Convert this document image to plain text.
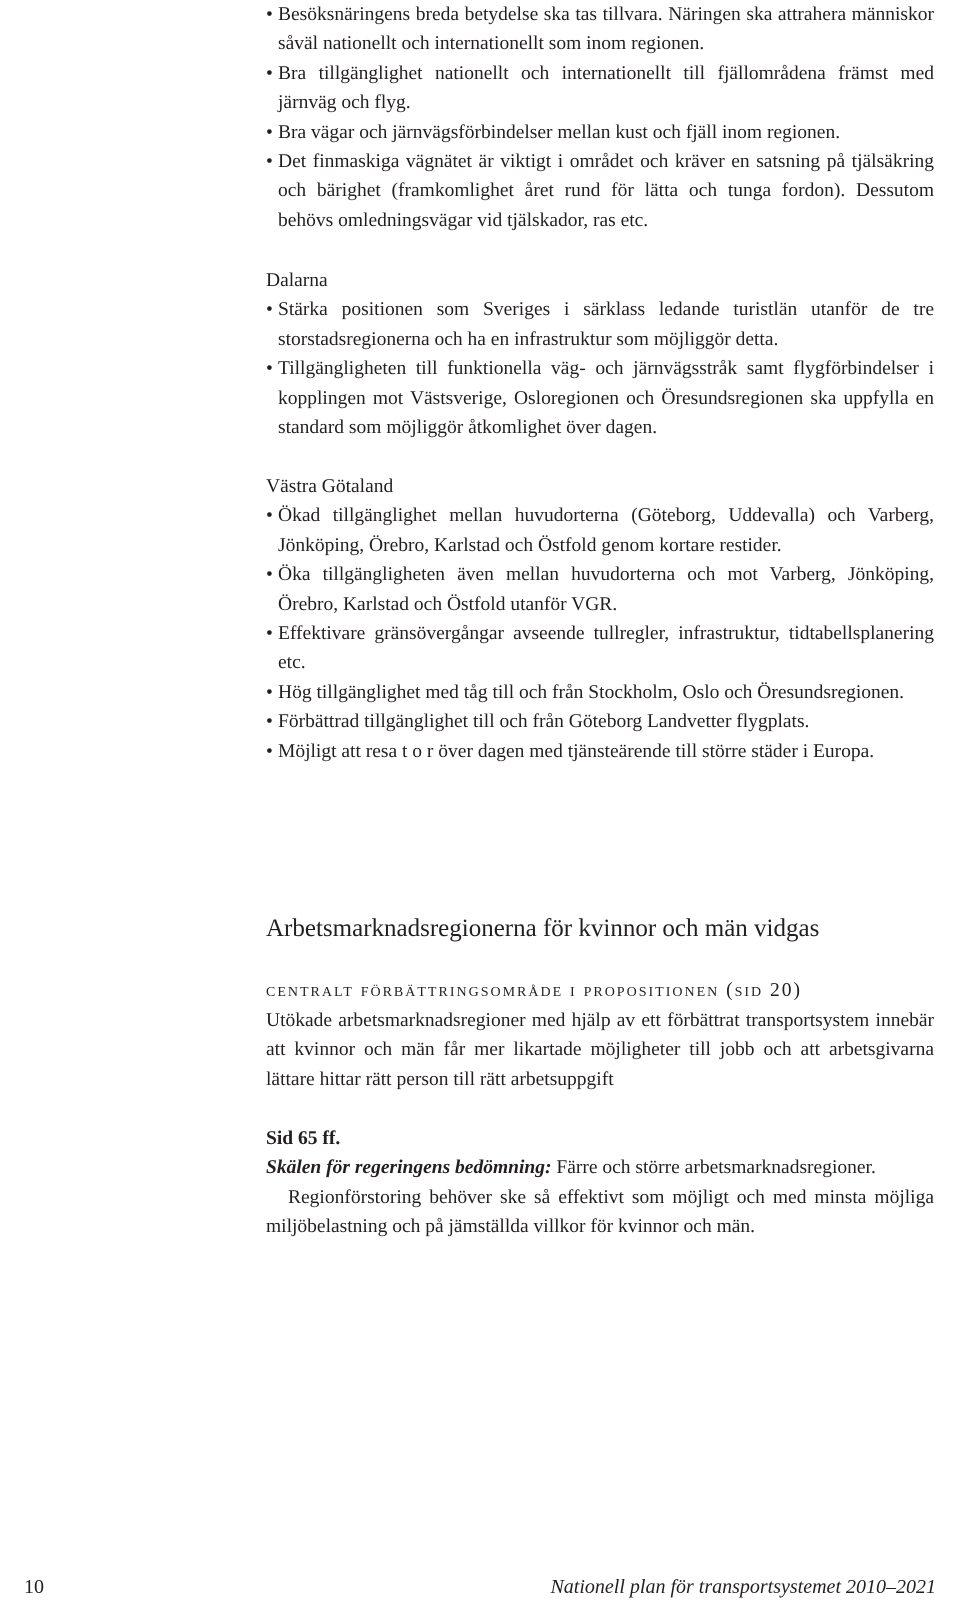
• Besöksnäringens breda betydelse ska tas tillvara. Näringen ska attrahera människor såväl nationellt och internationellt som inom regionen.

• Bra tillgänglighet nationellt och internationellt till fjällområdena främst med järnväg och flyg.

• Bra vägar och järnvägsförbindelser mellan kust och fjäll inom regionen.

• Det finmaskiga vägnätet är viktigt i området och kräver en satsning på tjälsäkring och bärighet (framkomlighet året rund för lätta och tunga fordon). Dessutom behövs omledningsvägar vid tjälskador, ras etc.

Dalarna

• Stärka positionen som Sveriges i särklass ledande turistlän utanför de tre storstadsregionerna och ha en infrastruktur som möjliggör detta.

• Tillgängligheten till funktionella väg- och järnvägsstråk samt flygförbindelser i kopplingen mot Västsverige, Osloregionen och Öresundsregionen ska uppfylla en standard som möjliggör åtkomlighet över dagen.

Västra Götaland

• Ökad tillgänglighet mellan huvudorterna (Göteborg, Uddevalla) och Varberg, Jönköping, Örebro, Karlstad och Östfold genom kortare restider.

• Öka tillgängligheten även mellan huvudorterna och mot Varberg, Jönköping, Örebro, Karlstad och Östfold utanför VGR.

• Effektivare gränsövergångar avseende tullregler, infrastruktur, tidtabellsplanering etc.

• Hög tillgänglighet med tåg till och från Stockholm, Oslo och Öresundsregionen.

• Förbättrad tillgänglighet till och från Göteborg Landvetter flygplats.

• Möjligt att resa t o r över dagen med tjänsteärende till större städer i Europa.

Arbetsmarknadsregionerna för kvinnor och män vidgas
centralt förbättringsområde i propositionen (sid 20)

Utökade arbetsmarknadsregioner med hjälp av ett förbättrat transportsystem innebär att kvinnor och män får mer likartade möjligheter till jobb och att arbetsgivarna lättare hittar rätt person till rätt arbetsuppgift

Sid 65 ff.

Skälen för regeringens bedömning: Färre och större arbetsmarknadsregioner.

Regionförstoring behöver ske så effektivt som möjligt och med minsta möjliga miljöbelastning och på jämställda villkor för kvinnor och män.

10	Nationell plan för transportsystemet 2010–2021
